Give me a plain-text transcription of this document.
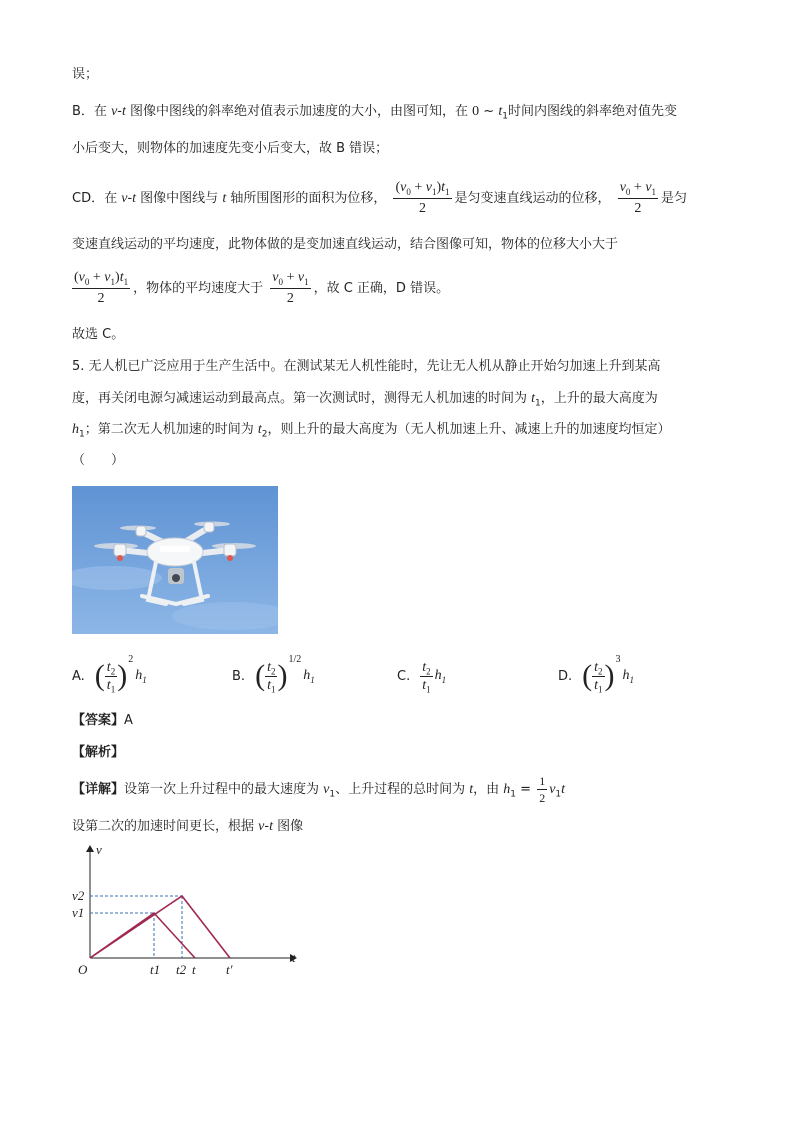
误；
B．在 v-t 图像中图线的斜率绝对值表示加速度的大小，由图可知，在 0 ~ $t_1$时间内图线的斜率绝对值先变
小后变大，则物体的加速度先变小后变大，故 B 错误；
CD．在 v-t 图像中图线与 t 轴所围图形的面积为位移， $\frac{(v_0 + v_1)t_1}{2}$ 是匀变速直线运动的位移， $\frac{v_0 + v_1}{2}$ 是匀
变速直线运动的平均速度，此物体做的是变加速直线运动，结合图像可知，物体的位移大小大于
$\frac{(v_0 + v_1)t_1}{2}$ ，物体的平均速度大于 $\frac{v_0 + v_1}{2}$ ，故 C 正确，D 错误。
故选 C。
5. 无人机已广泛应用于生产生活中。在测试某无人机性能时，先让无人机从静止开始匀加速上升到某高
度，再关闭电源匀减速运动到最高点。第一次测试时，测得无人机加速的时间为 $t_1$，上升的最大高度为
$h_1$；第二次无人机加速的时间为 $t_2$，则上升的最大高度为（无人机加速上升、减速上升的加速度均恒定）
（　　）
A. ( $\frac{t_2}{t_1}$ ) 2
$h_1$	B. ( $\frac{t_2}{t_1}$ ) 1/2
$h_1$	C. $\frac{t_2}{t_1} h_1$	D. ( $\frac{t_2}{t_1}$ ) 3
$h_1$
【答案】A
【解析】
【详解】设第一次上升过程中的最大速度为 $v_1$、上升过程的总时间为 t，由 $h_1 = \frac{1}{2} v_1t$
设第二次的加速时间更长，根据 v-t 图像
v
t
O
v2
v1
t1 t2 t t′
